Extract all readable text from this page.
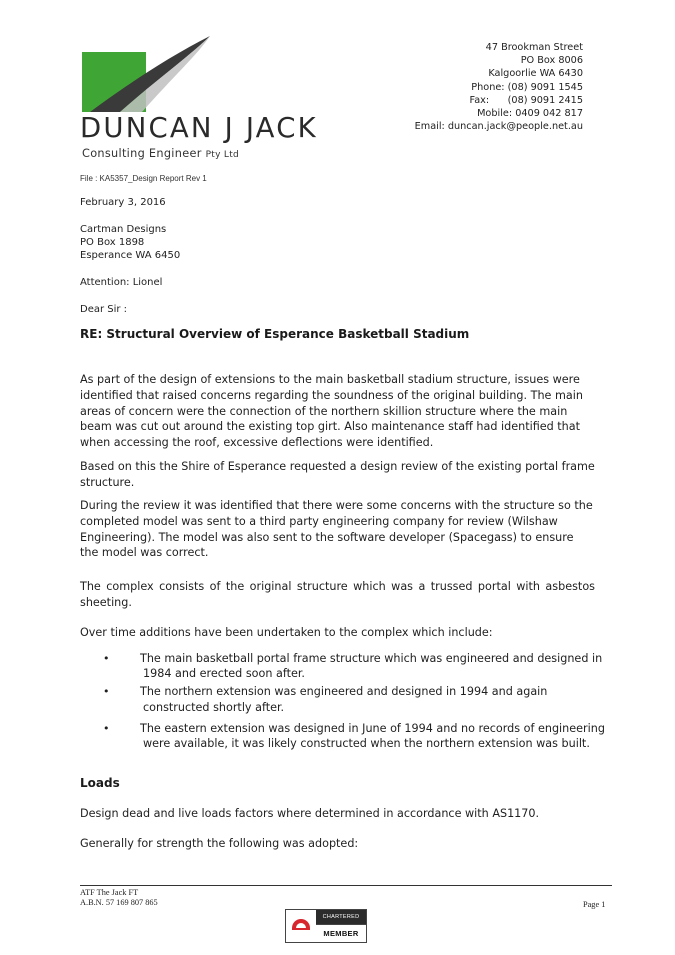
DUNCAN J JACK
Consulting Engineer Pty Ltd
47 Brookman Street
PO Box 8006
Kalgoorlie WA 6430
Phone: (08) 9091 1545
Fax:      (08) 9091 2415
Mobile: 0409 042 817
Email: duncan.jack@people.net.au
File : KA5357_Design Report Rev 1
February 3, 2016
Cartman Designs
PO Box 1898
Esperance WA 6450
Attention: Lionel
Dear Sir :
RE: Structural Overview of Esperance Basketball Stadium
As part of the design of extensions to the main basketball stadium structure, issues were identified that raised concerns regarding the soundness of the original building. The main areas of concern were the connection of the northern skillion structure where the main beam was cut out around the existing top girt. Also maintenance staff had identified that when accessing the roof, excessive deflections were identified.
Based on this the Shire of Esperance requested a design review of the existing portal frame structure.
During the review it was identified that there were some concerns with the structure so the completed model was sent to a third party engineering company for review (Wilshaw Engineering). The model was also sent to the software developer (Spacegass) to ensure the model was correct.
The complex consists of the original structure which was a trussed portal with asbestos sheeting.
Over time additions have been undertaken to the complex which include:
•	The main basketball portal frame structure which was engineered and designed in
1984 and erected soon after.
•	The northern extension was engineered and designed in 1994 and again
constructed shortly after.
•	The eastern extension was designed in June of 1994 and no records of engineering
were available, it was likely constructed when the northern extension was built.
Loads
Design dead and live loads factors where determined in accordance with AS1170.
Generally for strength the following was adopted:
ATF The Jack FT
A.B.N. 57 169 807 865	Page 1
CHARTERED
MEMBER
